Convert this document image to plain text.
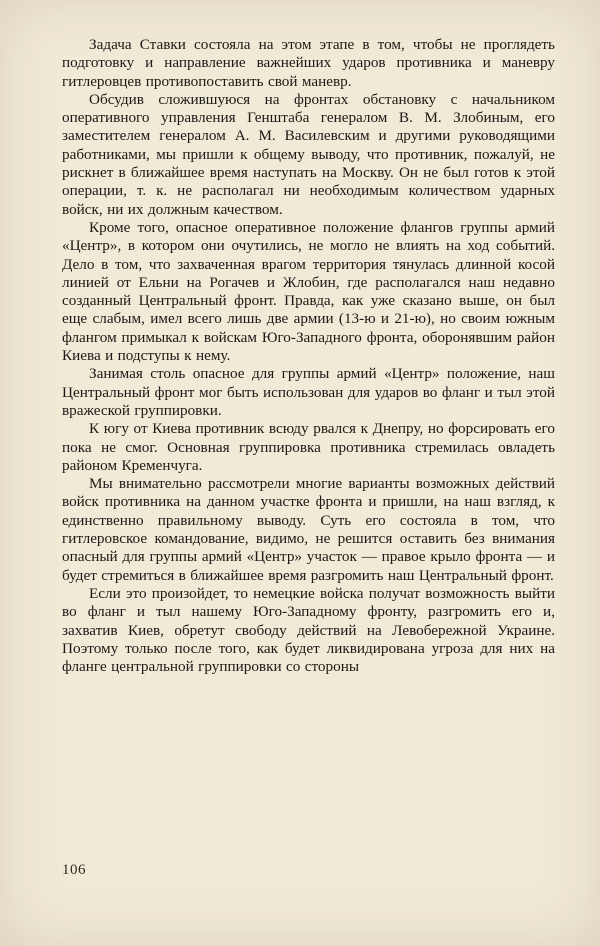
Задача Ставки состояла на этом этапе в том, чтобы не проглядеть подготовку и направление важнейших ударов противника и маневру гитлеровцев противопоставить свой маневр.

Обсудив сложившуюся на фронтах обстановку с начальником оперативного управления Генштаба генералом В. М. Злобиным, его заместителем генералом А. М. Василевским и другими руководящими работниками, мы пришли к общему выводу, что противник, пожалуй, не рискнет в ближайшее время наступать на Москву. Он не был готов к этой операции, т. к. не располагал ни необходимым количеством ударных войск, ни их должным качеством.

Кроме того, опасное оперативное положение флангов группы армий «Центр», в котором они очутились, не могло не влиять на ход событий. Дело в том, что захваченная врагом территория тянулась длинной косой линией от Ельни на Рогачев и Жлобин, где располагался наш недавно созданный Центральный фронт. Правда, как уже сказано выше, он был еще слабым, имел всего лишь две армии (13-ю и 21-ю), но своим южным флангом примыкал к войскам Юго-Западного фронта, оборонявшим район Киева и подступы к нему.

Занимая столь опасное для группы армий «Центр» положение, наш Центральный фронт мог быть использован для ударов во фланг и тыл этой вражеской группировки.

К югу от Киева противник всюду рвался к Днепру, но форсировать его пока не смог. Основная группировка противника стремилась овладеть районом Кременчуга.

Мы внимательно рассмотрели многие варианты возможных действий войск противника на данном участке фронта и пришли, на наш взгляд, к единственно правильному выводу. Суть его состояла в том, что гитлеровское командование, видимо, не решится оставить без внимания опасный для группы армий «Центр» участок — правое крыло фронта — и будет стремиться в ближайшее время разгромить наш Центральный фронт.

Если это произойдет, то немецкие войска получат возможность выйти во фланг и тыл нашему Юго-Западному фронту, разгромить его и, захватив Киев, обретут свободу действий на Левобережной Украине. Поэтому только после того, как будет ликвидирована угроза для них на фланге центральной группировки со стороны

106
